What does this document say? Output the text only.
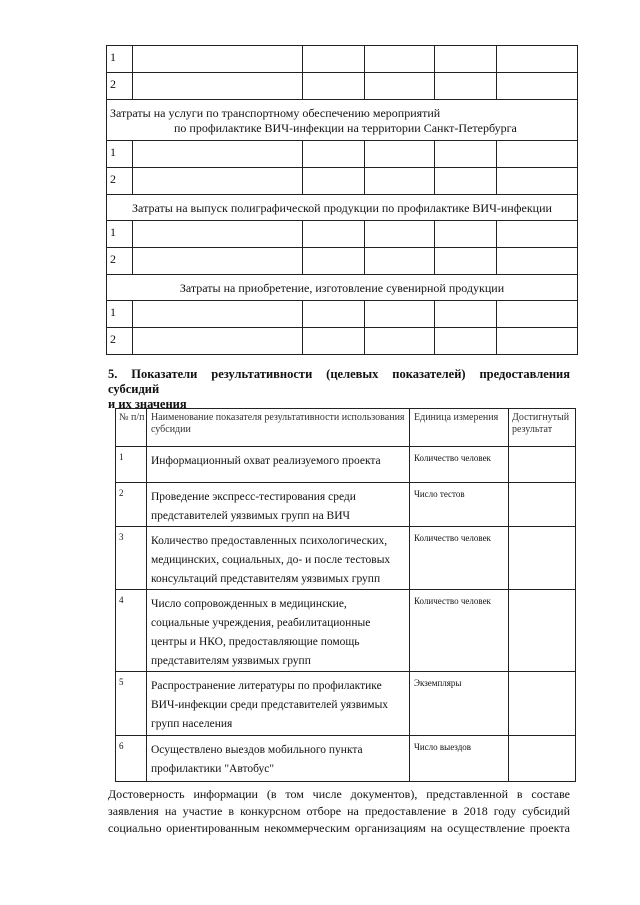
1					
2					
Затраты на услуги по транспортному обеспечению мероприятий
по профилактике ВИЧ-инфекции на территории Санкт-Петербурга					
1					
2					
Затраты на выпуск полиграфической продукции по профилактике ВИЧ-инфекции					
1					
2					
Затраты на приобретение, изготовление сувенирной продукции					
1					
2					
5. Показатели результативности (целевых показателей) предоставления субсидий
и их значения
№ п/п	Наименование показателя результативности использования субсидии	Единица измерения	Достигнутый результат
1	Информационный охват реализуемого проекта	Количество человек	
2	Проведение экспресс-тестирования среди представителей уязвимых групп на ВИЧ	Число тестов	
3	Количество предоставленных психологических, медицинских, социальных, до- и после тестовых консультаций представителям уязвимых групп	Количество человек	
4	Число сопровожденных в медицинские, социальные учреждения, реабилитационные центры и НКО, предоставляющие помощь представителям уязвимых групп	Количество человек	
5	Распространение литературы по профилактике ВИЧ-инфекции среди представителей уязвимых групп населения	Экземпляры	
6	Осуществлено выездов мобильного пункта профилактики "Автобус"	Число выездов	
Достоверность информации (в том числе документов), представленной в составе заявления на участие в конкурсном отборе на предоставление в 2018 году субсидий социально ориентированным некоммерческим организациям на осуществление проекта
